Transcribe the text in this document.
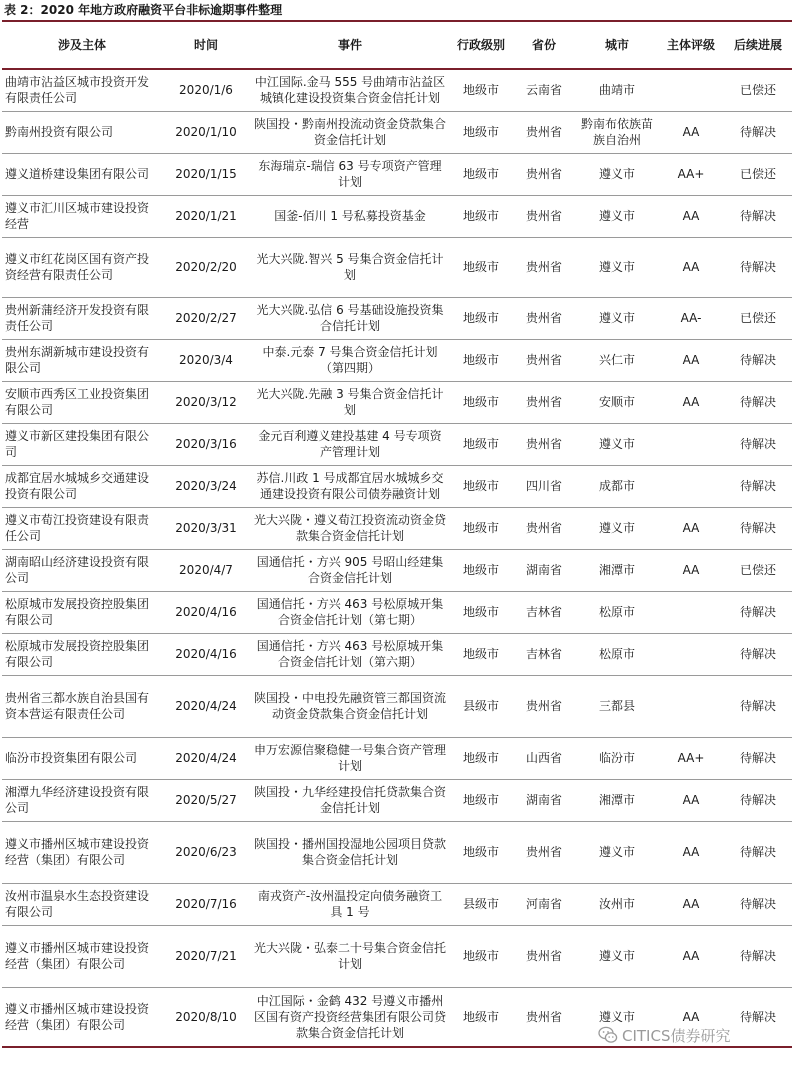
表 2：2020 年地方政府融资平台非标逾期事件整理
涉及主体	时间	事件	行政级别	省份	城市	主体评级	后续进展
曲靖市沾益区城市投资开发有限责任公司	2020/1/6	中江国际.金马 555 号曲靖市沾益区城镇化建设投资集合资金信托计划	地级市	云南省	曲靖市		已偿还
黔南州投资有限公司	2020/1/10	陕国投・黔南州投流动资金贷款集合资金信托计划	地级市	贵州省	黔南布依族苗族自治州	AA	待解决
遵义道桥建设集团有限公司	2020/1/15	东海瑞京-瑞信 63 号专项资产管理计划	地级市	贵州省	遵义市	AA+	已偿还
遵义市汇川区城市建设投资经营	2020/1/21	国釜-佰川 1 号私募投资基金	地级市	贵州省	遵义市	AA	待解决
遵义市红花岗区国有资产投资经营有限责任公司	2020/2/20	光大兴陇.智兴 5 号集合资金信托计划	地级市	贵州省	遵义市	AA	待解决
贵州新蒲经济开发投资有限责任公司	2020/2/27	光大兴陇.弘信 6 号基础设施投资集合信托计划	地级市	贵州省	遵义市	AA-	已偿还
贵州东湖新城市建设投资有限公司	2020/3/4	中泰.元泰 7 号集合资金信托计划（第四期）	地级市	贵州省	兴仁市	AA	待解决
安顺市西秀区工业投资集团有限公司	2020/3/12	光大兴陇.先融 3 号集合资金信托计划	地级市	贵州省	安顺市	AA	待解决
遵义市新区建投集团有限公司	2020/3/16	金元百利遵义建投基建 4 号专项资产管理计划	地级市	贵州省	遵义市		待解决
成都宜居水城城乡交通建设投资有限公司	2020/3/24	苏信.川政 1 号成都宜居水城城乡交通建设投资有限公司债券融资计划	地级市	四川省	成都市		待解决
遵义市荀江投资建设有限责任公司	2020/3/31	光大兴陇・遵义荀江投资流动资金贷款集合资金信托计划	地级市	贵州省	遵义市	AA	待解决
湖南昭山经济建设投资有限公司	2020/4/7	国通信托・方兴 905 号昭山经建集合资金信托计划	地级市	湖南省	湘潭市	AA	已偿还
松原城市发展投资控股集团有限公司	2020/4/16	国通信托・方兴 463 号松原城开集合资金信托计划（第七期）	地级市	吉林省	松原市		待解决
松原城市发展投资控股集团有限公司	2020/4/16	国通信托・方兴 463 号松原城开集合资金信托计划（第六期）	地级市	吉林省	松原市		待解决
贵州省三都水族自治县国有资本营运有限责任公司	2020/4/24	陕国投・中电投先融资管三都国资流动资金贷款集合资金信托计划	县级市	贵州省	三都县		待解决
临汾市投资集团有限公司	2020/4/24	申万宏源信聚稳健一号集合资产管理计划	地级市	山西省	临汾市	AA+	待解决
湘潭九华经济建设投资有限公司	2020/5/27	陕国投・九华经建投信托贷款集合资金信托计划	地级市	湖南省	湘潭市	AA	待解决
遵义市播州区城市建设投资经营（集团）有限公司	2020/6/23	陕国投・播州国投湿地公园项目贷款集合资金信托计划	地级市	贵州省	遵义市	AA	待解决
汝州市温泉水生态投资建设有限公司	2020/7/16	南戎资产-汝州温投定向债务融资工具 1 号	县级市	河南省	汝州市	AA	待解决
遵义市播州区城市建设投资经营（集团）有限公司	2020/7/21	光大兴陇・弘泰二十号集合资金信托计划	地级市	贵州省	遵义市	AA	待解决
遵义市播州区城市建设投资经营（集团）有限公司	2020/8/10	中江国际・金鹤 432 号遵义市播州区国有资产投资经营集团有限公司贷款集合资金信托计划	地级市	贵州省	遵义市	AA	待解决
CITICS债券研究
